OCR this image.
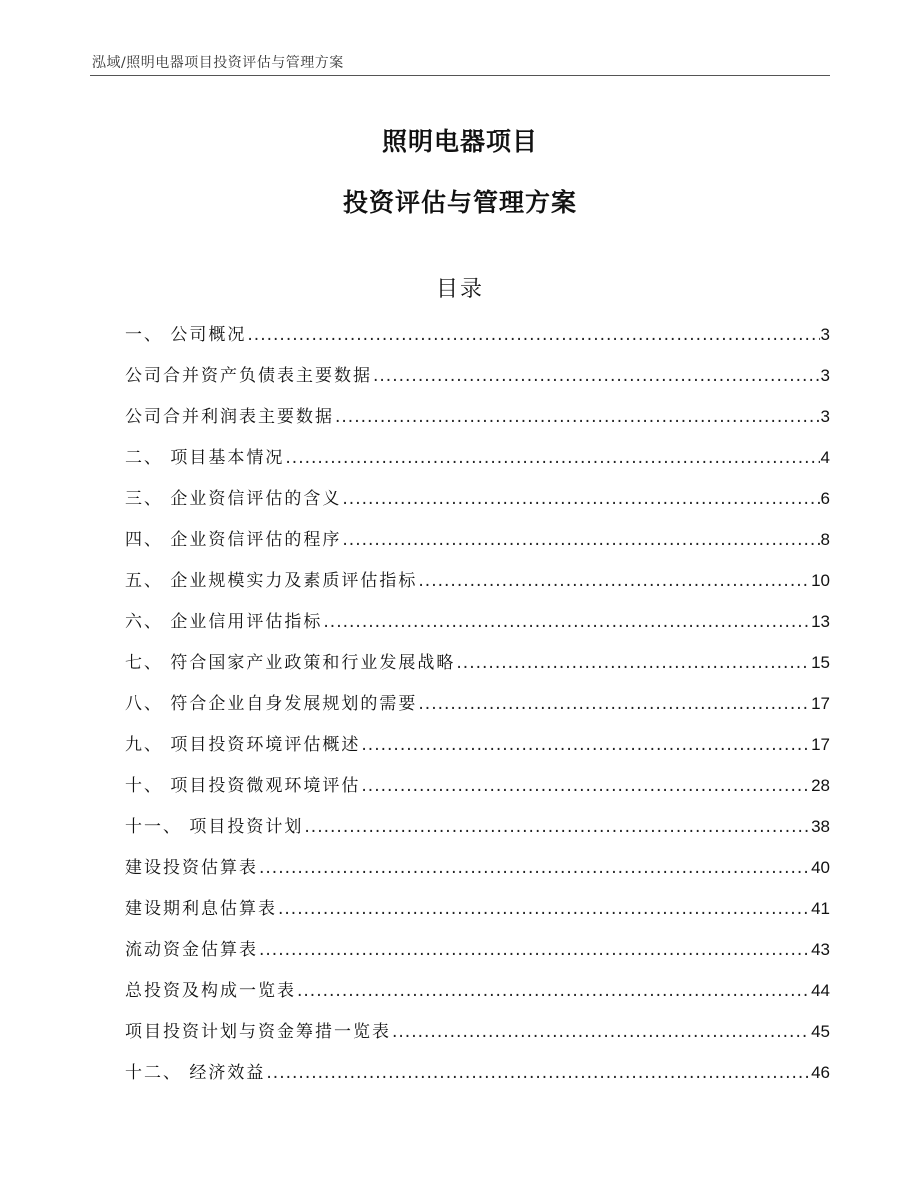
泓域/照明电器项目投资评估与管理方案
照明电器项目
投资评估与管理方案
目录
一、 公司概况 .....	3
公司合并资产负债表主要数据 .....	3
公司合并利润表主要数据 .....	3
二、 项目基本情况 .....	4
三、 企业资信评估的含义 .....	6
四、 企业资信评估的程序 .....	8
五、 企业规模实力及素质评估指标 .....	10
六、 企业信用评估指标 .....	13
七、 符合国家产业政策和行业发展战略 .....	15
八、 符合企业自身发展规划的需要 .....	17
九、 项目投资环境评估概述 .....	17
十、 项目投资微观环境评估 .....	28
十一、 项目投资计划 .....	38
建设投资估算表 .....	40
建设期利息估算表 .....	41
流动资金估算表 .....	43
总投资及构成一览表 .....	44
项目投资计划与资金筹措一览表 .....	45
十二、 经济效益 .....	46
